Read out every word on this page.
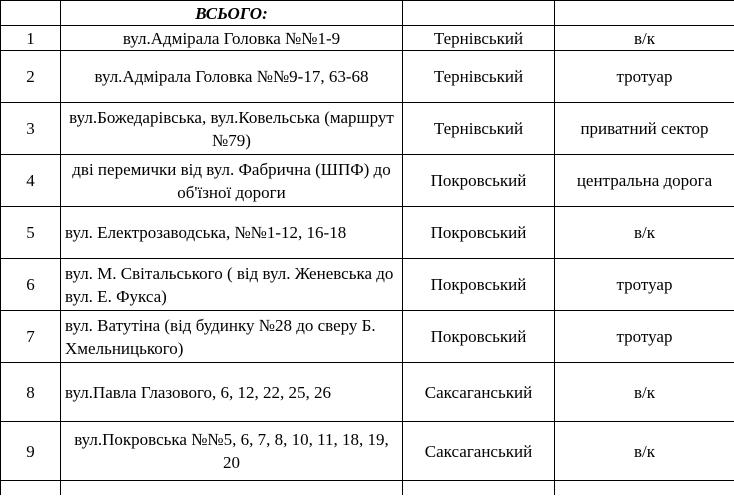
	ВСЬОГО:		
1	вул.Адмірала Головка №№1-9	Тернівський	в/к
2	вул.Адмірала Головка №№9-17, 63-68	Тернівський	тротуар
3	вул.Божедарівська, вул.Ковельська (маршрут №79)	Тернівський	приватний сектор
4	дві перемички від вул. Фабрична (ШПФ) до об'їзної дороги	Покровський	центральна дорога
5	вул. Електрозаводська, №№1-12, 16-18	Покровський	в/к
6	вул. М. Світальського ( від вул. Женевська до вул. Е. Фукса)	Покровський	тротуар
7	вул. Ватутіна (від будинку №28 до сверу Б. Хмельницького)	Покровський	тротуар
8	вул.Павла Глазового, 6, 12, 22, 25, 26	Саксаганський	в/к
9	вул.Покровська №№5, 6, 7, 8, 10, 11, 18, 19, 20	Саксаганський	в/к
